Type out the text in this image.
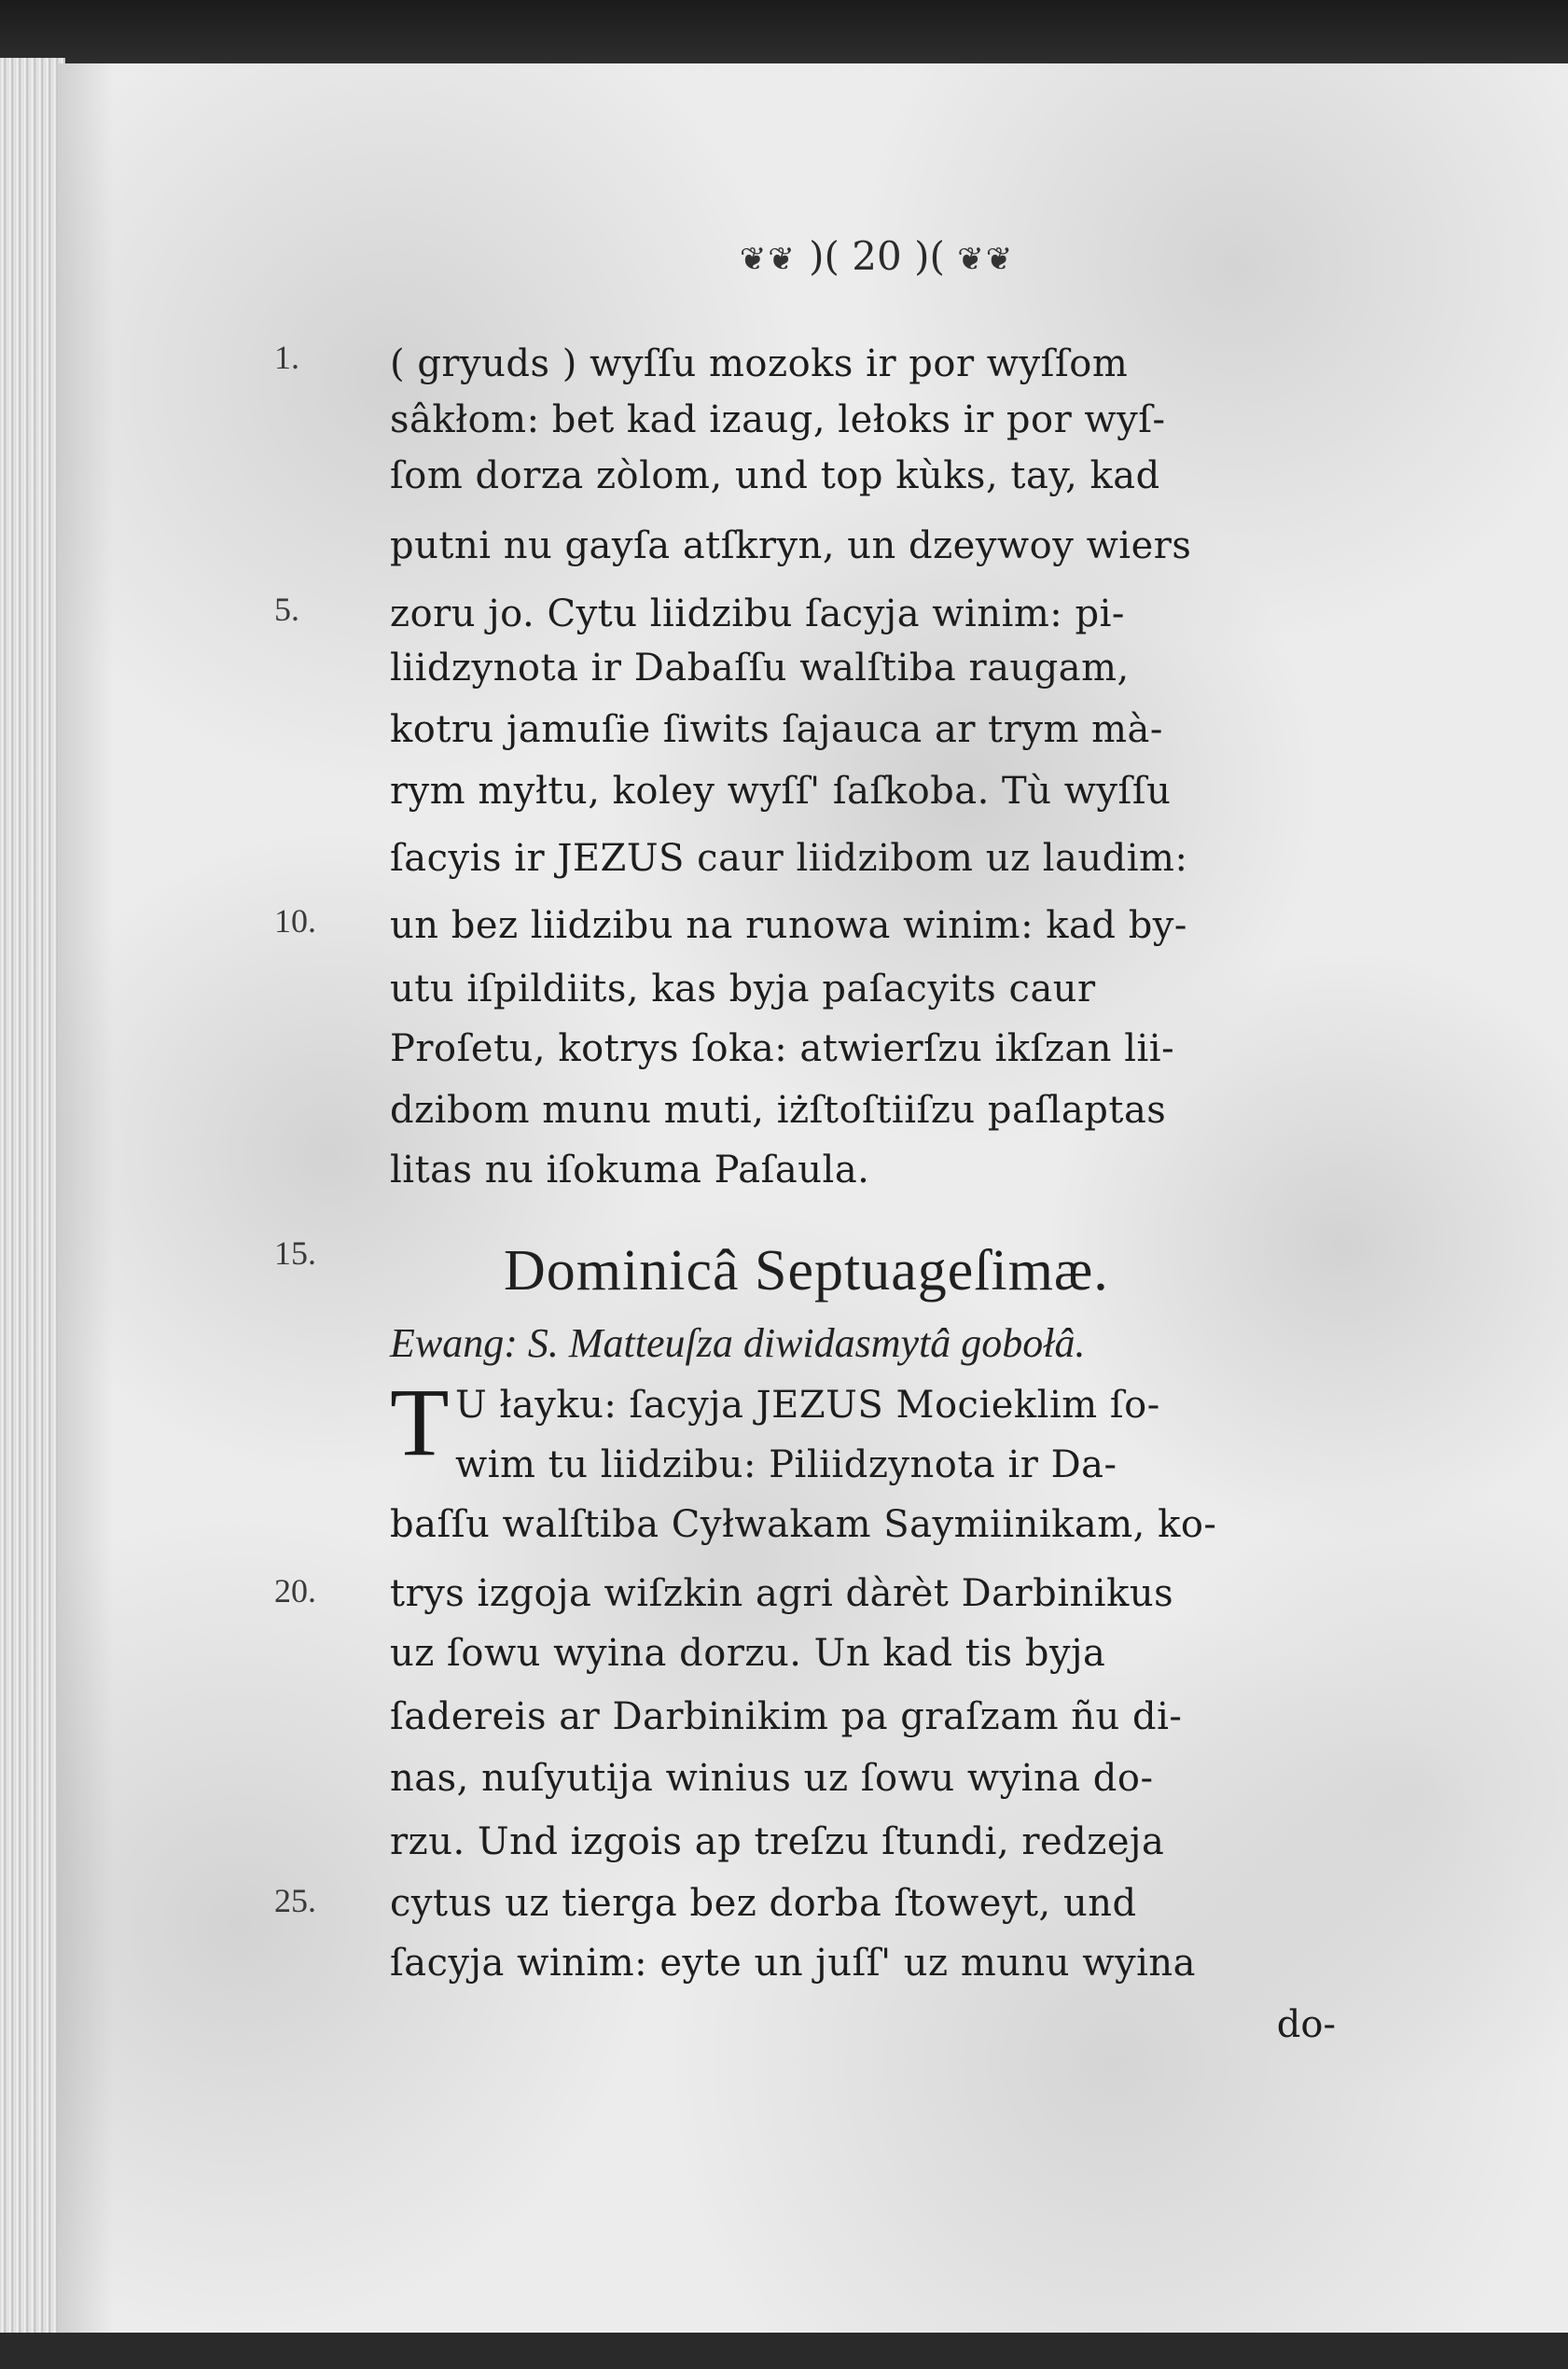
❦❦ )( 20 )( ❦❦
1.
5.
10.
15.
20.
25.
( gryuds ) wyſſu mozoks ir por wyſſom
sâkłom: bet kad izaug, lełoks ir por wyſ-
ſom dorza zòlom, und top kùks, tay, kad
putni nu gayſa atſkryn, un dzeywoy wiers
zoru jo. Cytu liidzibu ſacyja winim: pi-
liidzynota ir Dabaſſu walſtiba raugam,
kotru jamuſie ſiwits ſajauca ar trym mà-
rym myłtu, koley wyſſ' ſaſkoba. Tù wyſſu
ſacyis ir JEZUS caur liidzibom uz laudim:
un bez liidzibu na runowa winim: kad by-
utu iſpildiits, kas byja paſacyits caur
Proſetu, kotrys ſoka: atwierſzu ikſzan lii-
dzibom munu muti, iżſtoſtiiſzu paſlaptas
litas nu iſokuma Paſaula.
Dominicâ Septuageſimæ.
Ewang: S. Matteuſza diwidasmytâ gobołâ.
T U łayku: ſacyja JEZUS Mocieklim ſo-
wim tu liidzibu: Piliidzynota ir Da-
baſſu walſtiba Cyłwakam Saymiinikam, ko-
trys izgoja wiſzkin agri dàrèt Darbinikus
uz ſowu wyina dorzu. Un kad tis byja
ſadereis ar Darbinikim pa graſzam ñu di-
nas, nuſyutija winius uz ſowu wyina do-
rzu. Und izgois ap treſzu ſtundi, redzeja
cytus uz tierga bez dorba ſtoweyt, und
ſacyja winim: eyte un juſſ' uz munu wyina
do-
